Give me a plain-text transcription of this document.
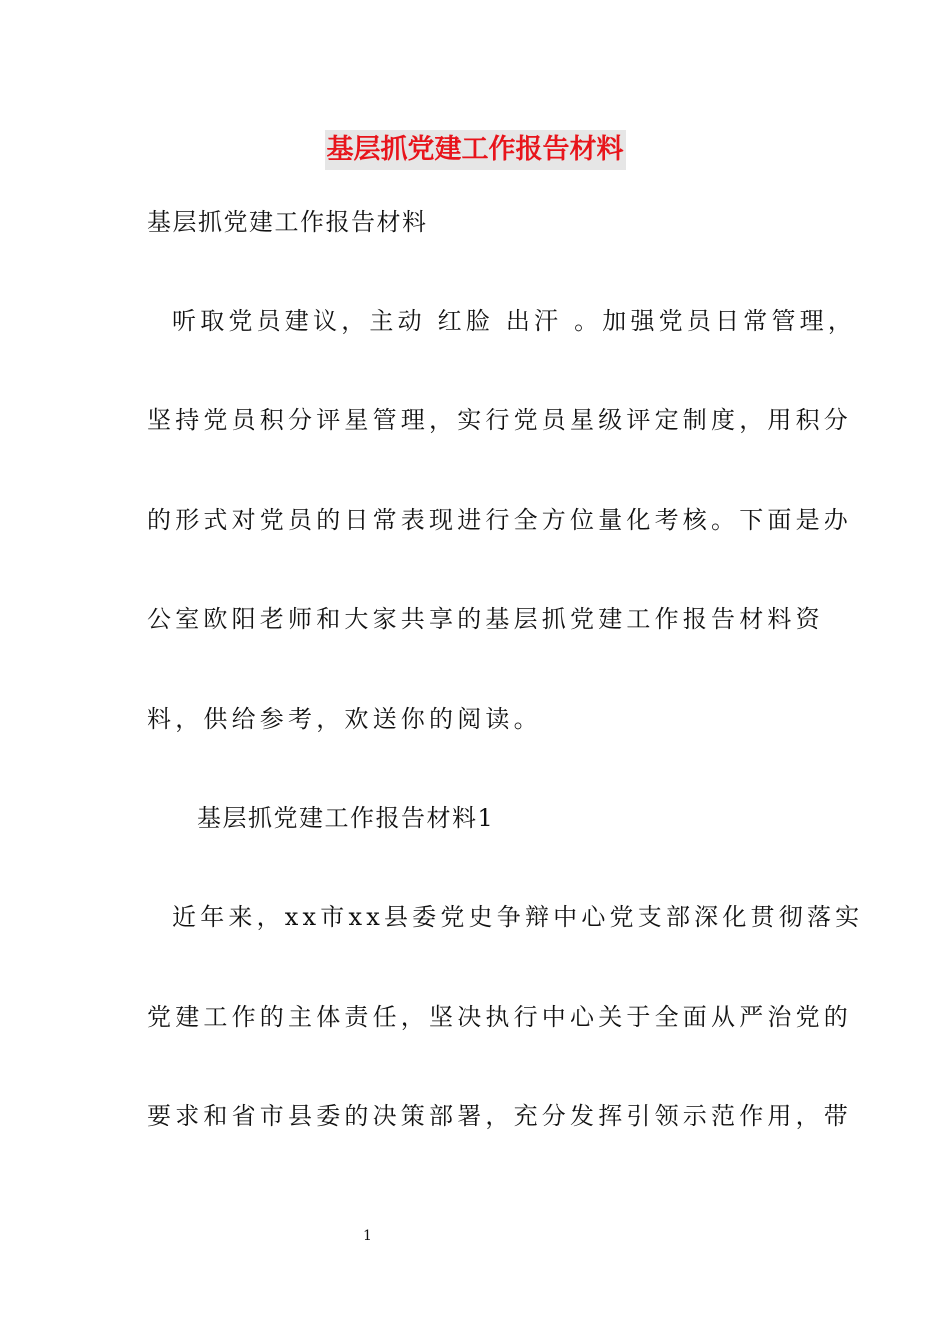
基层抓党建工作报告材料
基层抓党建工作报告材料
听取党员建议，主动 红脸 出汗 。加强党员日常管理，
坚持党员积分评星管理，实行党员星级评定制度，用积分
的形式对党员的日常表现进行全方位量化考核。下面是办
公室欧阳老师和大家共享的基层抓党建工作报告材料资
料，供给参考，欢送你的阅读。
基层抓党建工作报告材料1
近年来，xx市xx县委党史争辩中心党支部深化贯彻落实
党建工作的主体责任，坚决执行中心关于全面从严治党的
要求和省市县委的决策部署，充分发挥引领示范作用，带
1
